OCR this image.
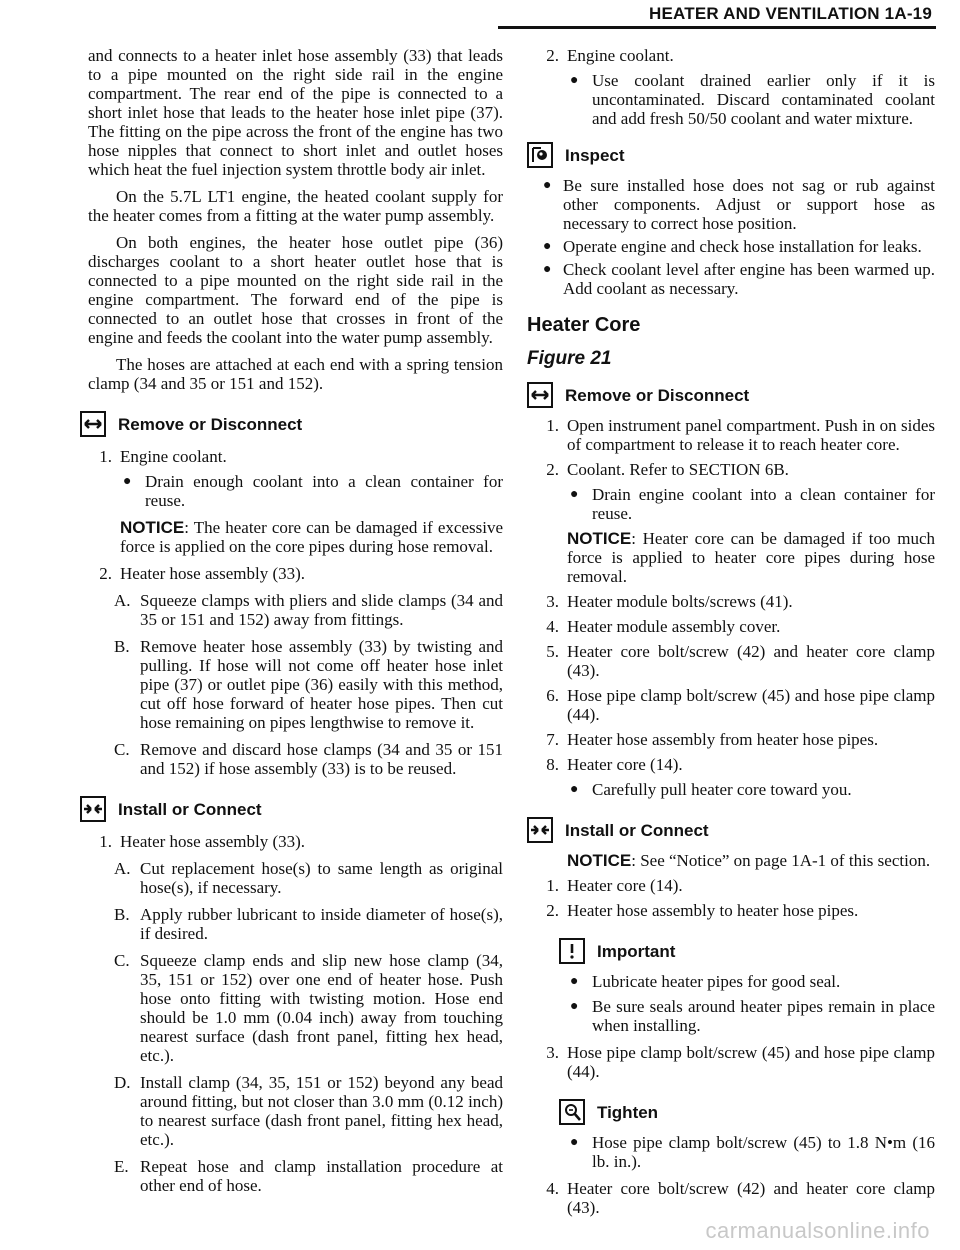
HEATER AND VENTILATION 1A-19

and connects to a heater inlet hose assembly (33) that leads to a pipe mounted on the right side rail in the engine compartment. The rear end of the pipe is connected to a short inlet hose that leads to the heater hose inlet pipe (37). The fitting on the pipe across the front of the engine has two hose nipples that connect to short inlet and outlet hoses which heat the fuel injection system throttle body air inlet.

On the 5.7L LT1 engine, the heated coolant supply for the heater comes from a fitting at the water pump assembly.

On both engines, the heater hose outlet pipe (36) discharges coolant to a short heater outlet hose that is connected to a pipe mounted on the right side rail in the engine compartment. The forward end of the pipe is connected to an outlet hose that crosses in front of the engine and feeds the coolant into the water pump assembly.

The hoses are attached at each end with a spring tension clamp (34 and 35 or 151 and 152).

Remove or Disconnect
1. Engine coolant.
● Drain enough coolant into a clean container for reuse.

NOTICE: The heater core can be damaged if excessive force is applied on the core pipes during hose removal.

2. Heater hose assembly (33).
A. Squeeze clamps with pliers and slide clamps (34 and 35 or 151 and 152) away from fittings.
B. Remove heater hose assembly (33) by twisting and pulling. If hose will not come off heater hose inlet pipe (37) or outlet pipe (36) easily with this method, cut off hose forward of heater hose pipes. Then cut hose remaining on pipes lengthwise to remove it.
C. Remove and discard hose clamps (34 and 35 or 151 and 152) if hose assembly (33) is to be reused.
Install or Connect
1. Heater hose assembly (33).
A. Cut replacement hose(s) to same length as original hose(s), if necessary.
B. Apply rubber lubricant to inside diameter of hose(s), if desired.
C. Squeeze clamp ends and slip new hose clamp (34, 35, 151 or 152) over one end of heater hose. Push hose onto fitting with twisting motion. Hose end should be 1.0 mm (0.04 inch) away from touching nearest surface (dash front panel, fitting hex head, etc.).
D. Install clamp (34, 35, 151 or 152) beyond any bead around fitting, but not closer than 3.0 mm (0.12 inch) to nearest surface (dash front panel, fitting hex head, etc.).
E. Repeat hose and clamp installation procedure at other end of hose.
2. Engine coolant.
● Use coolant drained earlier only if it is uncontaminated. Discard contaminated coolant and add fresh 50/50 coolant and water mixture.
Inspect
● Be sure installed hose does not sag or rub against other components. Adjust or support hose as necessary to correct hose position.
● Operate engine and check hose installation for leaks.
● Check coolant level after engine has been warmed up. Add coolant as necessary.
Heater Core
Figure 21
Remove or Disconnect
1. Open instrument panel compartment. Push in on sides of compartment to release it to reach heater core.
2. Coolant. Refer to SECTION 6B.
● Drain engine coolant into a clean container for reuse.

NOTICE: Heater core can be damaged if too much force is applied to heater core pipes during hose removal.

3. Heater module bolts/screws (41).
4. Heater module assembly cover.
5. Heater core bolt/screw (42) and heater core clamp (43).
6. Hose pipe clamp bolt/screw (45) and hose pipe clamp (44).
7. Heater hose assembly from heater hose pipes.
8. Heater core (14).
● Carefully pull heater core toward you.
Install or Connect

NOTICE: See “Notice” on page 1A-1 of this section.

1. Heater core (14).
2. Heater hose assembly to heater hose pipes.
Important
● Lubricate heater pipes for good seal.
● Be sure seals around heater pipes remain in place when installing.
3. Hose pipe clamp bolt/screw (45) and hose pipe clamp (44).
Tighten
● Hose pipe clamp bolt/screw (45) to 1.8 N•m (16 lb. in.).
4. Heater core bolt/screw (42) and heater core clamp (43).
carmanualsonline.info
